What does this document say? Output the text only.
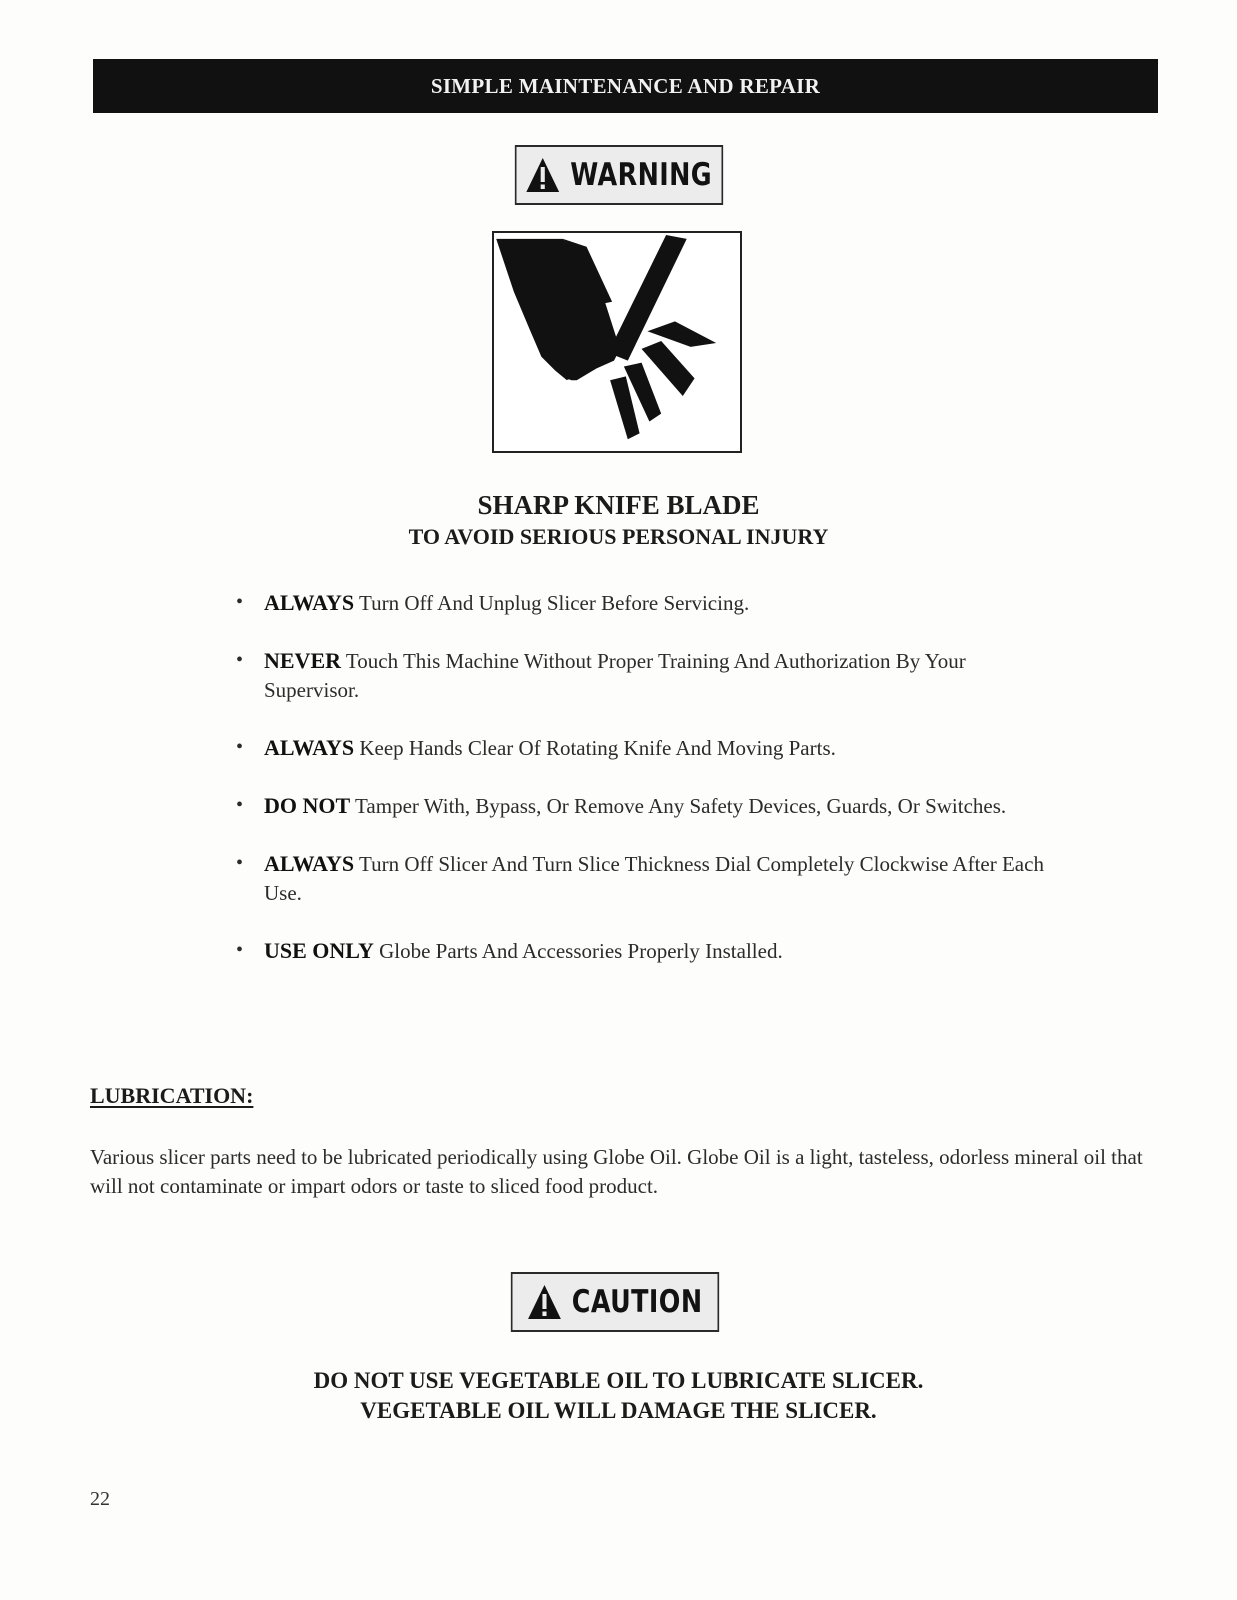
SIMPLE MAINTENANCE AND REPAIR
WARNING
SHARP KNIFE BLADE
TO AVOID SERIOUS PERSONAL INJURY
• ALWAYS Turn Off And Unplug Slicer Before Servicing.
• NEVER Touch This Machine Without Proper Training And Authorization By Your Supervisor.
• ALWAYS Keep Hands Clear Of Rotating Knife And Moving Parts.
• DO NOT Tamper With, Bypass, Or Remove Any Safety Devices, Guards, Or Switches.
• ALWAYS Turn Off Slicer And Turn Slice Thickness Dial Completely Clockwise After Each Use.
• USE ONLY Globe Parts And Accessories Properly Installed.
LUBRICATION:
Various slicer parts need to be lubricated periodically using Globe Oil. Globe Oil is a light, tasteless, odorless mineral oil that will not contaminate or impart odors or taste to sliced food product.
CAUTION
DO NOT USE VEGETABLE OIL TO LUBRICATE SLICER.
VEGETABLE OIL WILL DAMAGE THE SLICER.
22
